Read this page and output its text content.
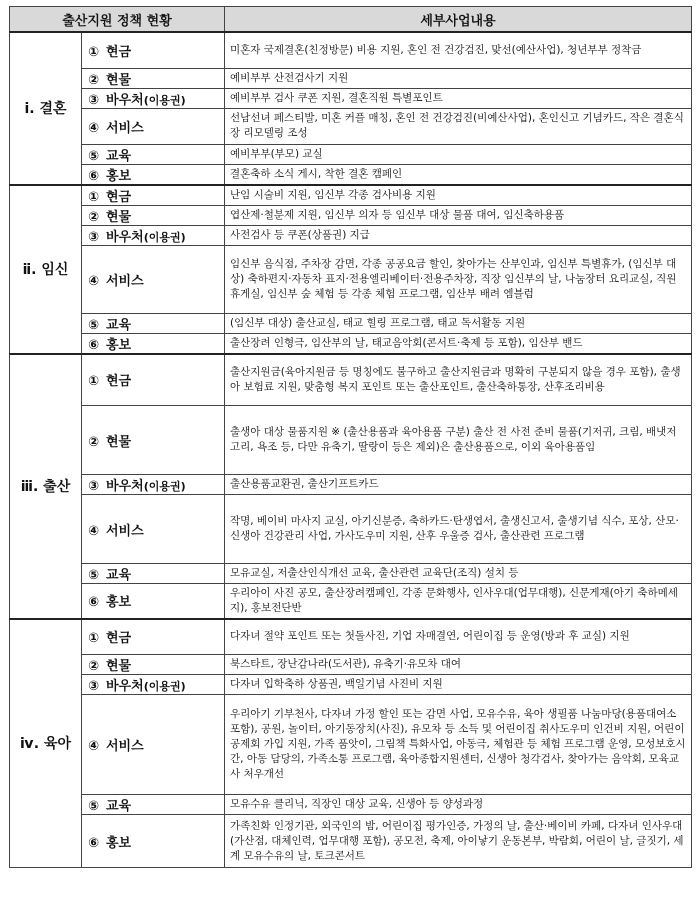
출산지원 정책 현황		세부사업내용
ⅰ. 결혼	① 현금	미혼자 국제결혼(친정방문) 비용 지원, 혼인 전 건강검진, 맞선(예산사업), 청년부부 정착금
	② 현물	예비부부 산전검사기 지원
	③ 바우처(이용권)	예비부부 검사 쿠폰 지원, 결혼직원 특별포인트
	④ 서비스	선남선녀 페스티발, 미혼 커플 매칭, 혼인 전 건강검진(비예산사업), 혼인신고 기념카드, 작은 결혼식장 리모델링 조성
	⑤ 교육	예비부부(부모) 교실
	⑥ 홍보	결혼축하 소식 게시, 착한 결혼 캠페인
ⅱ. 임신	① 현금	난임 시술비 지원, 임신부 각종 검사비용 지원
	② 현물	엽산제·철분제 지원, 임신부 의자 등 임신부 대상 물품 대여, 임신축하용품
	③ 바우처(이용권)	사전검사 등 쿠폰(상품권) 지급
	④ 서비스	임신부 음식점, 주차장 감면, 각종 공공요금 할인, 찾아가는 산부인과, 임신부 특별휴가, (임신부 대상) 축하편지·자동차 표지·전용엘리베이터·전용주차장, 직장 임신부의 날, 나눔장터 요리교실, 직원휴게실, 임신부 숲 체험 등 각종 체험 프로그램, 임산부 배려 엠블럼
	⑤ 교육	(임신부 대상) 출산교실, 태교 힐링 프로그램, 태교 독서활동 지원
	⑥ 홍보	출산장려 인형극, 임산부의 날, 태교음악회(콘서트·축제 등 포함), 임산부 밴드
ⅲ. 출산	① 현금	출산지원금(육아지원금 등 명칭에도 불구하고 출산지원금과 명확히 구분되지 않을 경우 포함), 출생아 보험료 지원, 맞춤형 복지 포인트 또는 출산포인트, 출산축하통장, 산후조리비용
	② 현물	출생아 대상 물품지원 ※ (출산용품과 육아용품 구분) 출산 전 사전 준비 물품(기저귀, 크림, 배냇저고리, 욕조 등, 다만 유축기, 딸랑이 등은 제외)은 출산용품으로, 이외 육아용품임
	③ 바우처(이용권)	출산용품교환권, 출산기프트카드
	④ 서비스	작명, 베이비 마사지 교실, 아기신분증, 축하카드·탄생엽서, 출생신고서, 출생기념 식수, 포상, 산모·신생아 건강관리 사업, 가사도우미 지원, 산후 우울증 검사, 출산관련 프로그램
	⑤ 교육	모유교실, 저출산인식개선 교육, 출산관련 교육단(조직) 설치 등
	⑥ 홍보	우리아이 사진 공모, 출산장려캠페인, 각종 문화행사, 인사우대(업무대행), 신문게재(아기 축하메세지), 홍보전단반
ⅳ. 육아	① 현금	다자녀 절약 포인트 또는 첫돌사진, 기업 자매결연, 어린이집 등 운영(방과 후 교실) 지원
	② 현물	북스타트, 장난감나라(도서관), 유축기·유모차 대여
	③ 바우처(이용권)	다자녀 입학축하 상품권, 백일기념 사진비 지원
	④ 서비스	우리아기 기부천사, 다자녀 가정 할인 또는 감면 사업, 모유수유, 육아 생필품 나눔마당(용품대여소 포함), 공원, 놀이터, 아기동장치(사진), 유모차 등 소득 및 어린이집 취사도우미 인건비 지원, 어린이공제회 가입 지원, 가족 품앗이, 그림책 특화사업, 아동극, 체험관 등 체험 프로그램 운영, 모성보호시간, 아동 담당의, 가족소통 프로그램, 육아종합지원센터, 신생아 청각검사, 찾아가는 음악회, 모육교사 처우개선
	⑤ 교육	모유수유 클리닉, 직장인 대상 교육, 신생아 등 양성과정
	⑥ 홍보	가족친화 인정기관, 외국인의 밤, 어린이집 평가인증, 가정의 날, 출산·베이비 카페, 다자녀 인사우대(가산점, 대체인력, 업무대행 포함), 공모전, 축제, 아이낳기 운동본부, 박람회, 어린이 날, 글짓기, 세계 모유수유의 날, 토크콘서트
